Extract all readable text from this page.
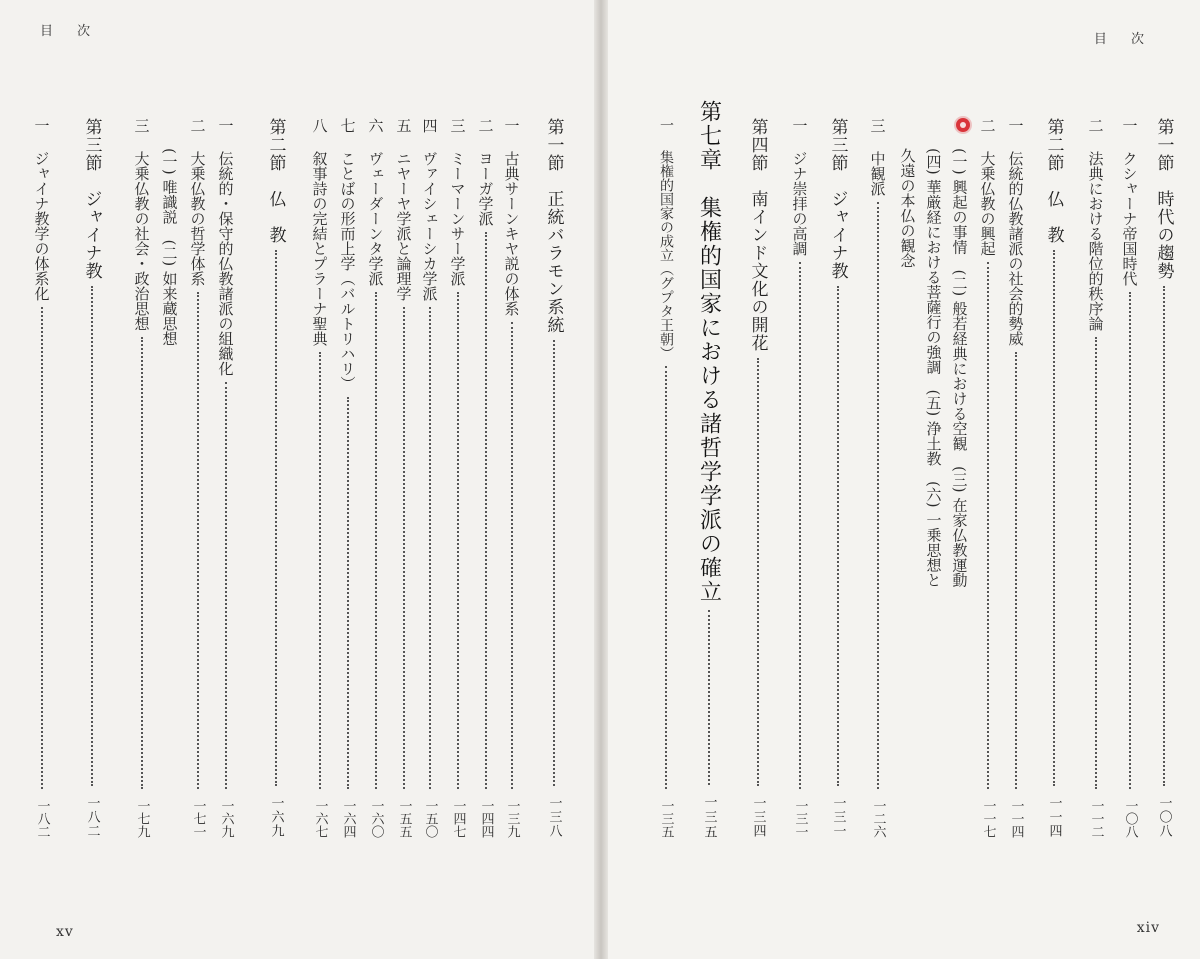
目 次
xiv
目 次
xv
第一節　時代の趨勢
一〇八
一
クシャーナ帝国時代
一〇八
二
法典における階位的秩序論
一一二
第二節　仏　教
一一四
一
伝統的仏教諸派の社会的勢威
一一四
二
大乗仏教の興起
一一七
(一) 興起の事情　(二) 般若経典における空観　(三) 在家仏教運動
(四) 華厳経における菩薩行の強調　(五) 浄土教　(六) 一乗思想と
久遠の本仏の観念
三
中観派
一二六
第三節　ジャイナ教
一三一
一
ジナ崇拝の高調
一三一
第四節　南インド文化の開花
一三四
第七章　集権的国家における諸哲学学派の確立
一三五
一
集権的国家の成立（グプタ王朝）
一三五
第一節　正統バラモン系統
一三八
一
古典サーンキヤ説の体系
一三九
二
ヨーガ学派
一四四
三
ミーマーンサー学派
一四七
四
ヴァイシェーシカ学派
一五〇
五
ニヤーヤ学派と論理学
一五五
六
ヴェーダーンタ学派
一六〇
七
ことばの形而上学（バルトリハリ）
一六四
八
叙事詩の完結とプラーナ聖典
一六七
第二節　仏　教
一六九
一
伝統的・保守的仏教諸派の組織化
一六九
二
大乗仏教の哲学体系
一七一
(一) 唯識説　(二) 如来蔵思想
三
大乗仏教の社会・政治思想
一七九
第三節　ジャイナ教
一八二
一
ジャイナ教学の体系化
一八二
